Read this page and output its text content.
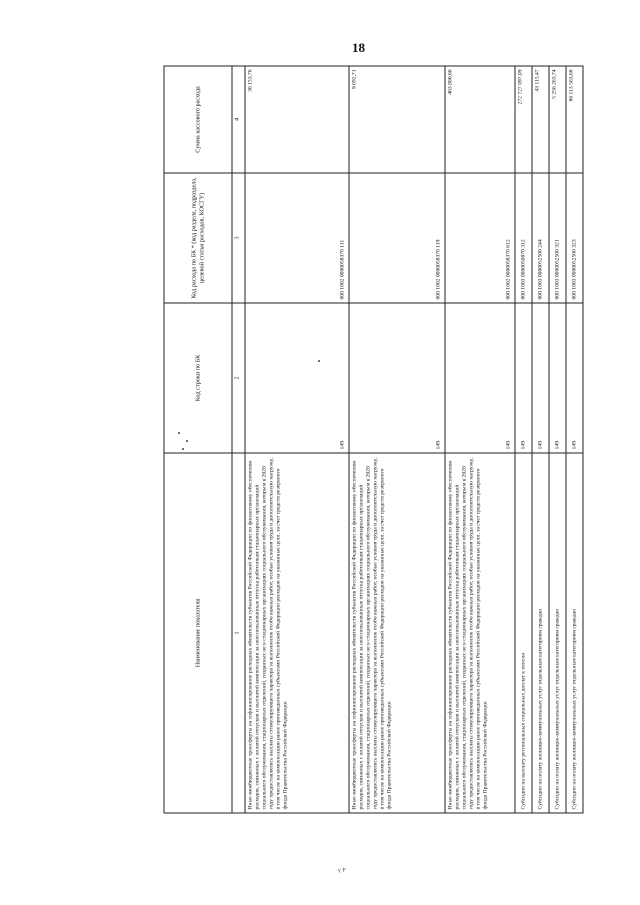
18
Наименование показателя	Код строки по БК	Код расхода по БК * (код раздела, подраздела, целевой статьи расходов, КОСГУ)	Сумма кассового расхода
1	2	3	4
Иные межбюджетные трансферты на софинансирование расходных обязательств субъектов Российской Федерации по финансовому обеспечению расходов, связанных с оплатой отпусков и выплатой компенсации за неиспользованные отпуска работникам стационарных организаций социального обслуживания, стационарных отделений, созданных не в стационарных организациях социального обслуживания, которым в 2020 году предоставлялись выплаты стимулирующего характера за выполнение особо важных работ, особые условия труда и дополнительную нагрузку, в том числе на компенсацию ранее произведенных субъектами Российской Федерации расходов на указанные цели, за счет средств резервного фонда Правительства Российской Федерации	149	000 1002 0000058370 111	30 153,76
Иные межбюджетные трансферты на софинансирование расходных обязательств субъектов Российской Федерации по финансовому обеспечению расходов, связанных с оплатой отпусков и выплатой компенсации за неиспользованные отпуска работникам стационарных организаций социального обслуживания, стационарных отделений, созданных не в стационарных организациях социального обслуживания, которым в 2020 году предоставлялись выплаты стимулирующего характера за выполнение особо важных работ, особые условия труда и дополнительную нагрузку, в том числе на компенсацию ранее произведенных субъектами Российской Федерации расходов на указанные цели, за счет средств резервного фонда Правительства Российской Федерации	149	000 1002 0000058370 119	9 692,71
Иные межбюджетные трансферты на софинансирование расходных обязательств субъектов Российской Федерации по финансовому обеспечению расходов, связанных с оплатой отпусков и выплатой компенсации за неиспользованные отпуска работникам стационарных организаций социального обслуживания, стационарных отделений, созданных не в стационарных организациях социального обслуживания, которым в 2020 году предоставлялись выплаты стимулирующего характера за выполнение особо важных работ, особые условия труда и дополнительную нагрузку, в том числе на компенсацию ранее произведенных субъектами Российской Федерации расходов на указанные цели, за счет средств резервного фонда Правительства Российской Федерации	149	000 1002 0000058370 612	463 800,00
Субсидии на выплату региональных социальных доплат к пенсии	149	000 1003 0000050070 312	272 727 097,09
Субсидии на оплату жилищно-коммунальных услуг отдельным категориям граждан	149	000 1003 0000052500 244	43 115,47
Субсидии на оплату жилищно-коммунальных услуг отдельным категориям граждан	149	000 1003 0000052500 321	5 256 263,74
Субсидии на оплату жилищно-коммунальных услуг отдельным категориям граждан	149	000 1003 0000052500 323	86 113 563,68
ᵞ ᴾ
